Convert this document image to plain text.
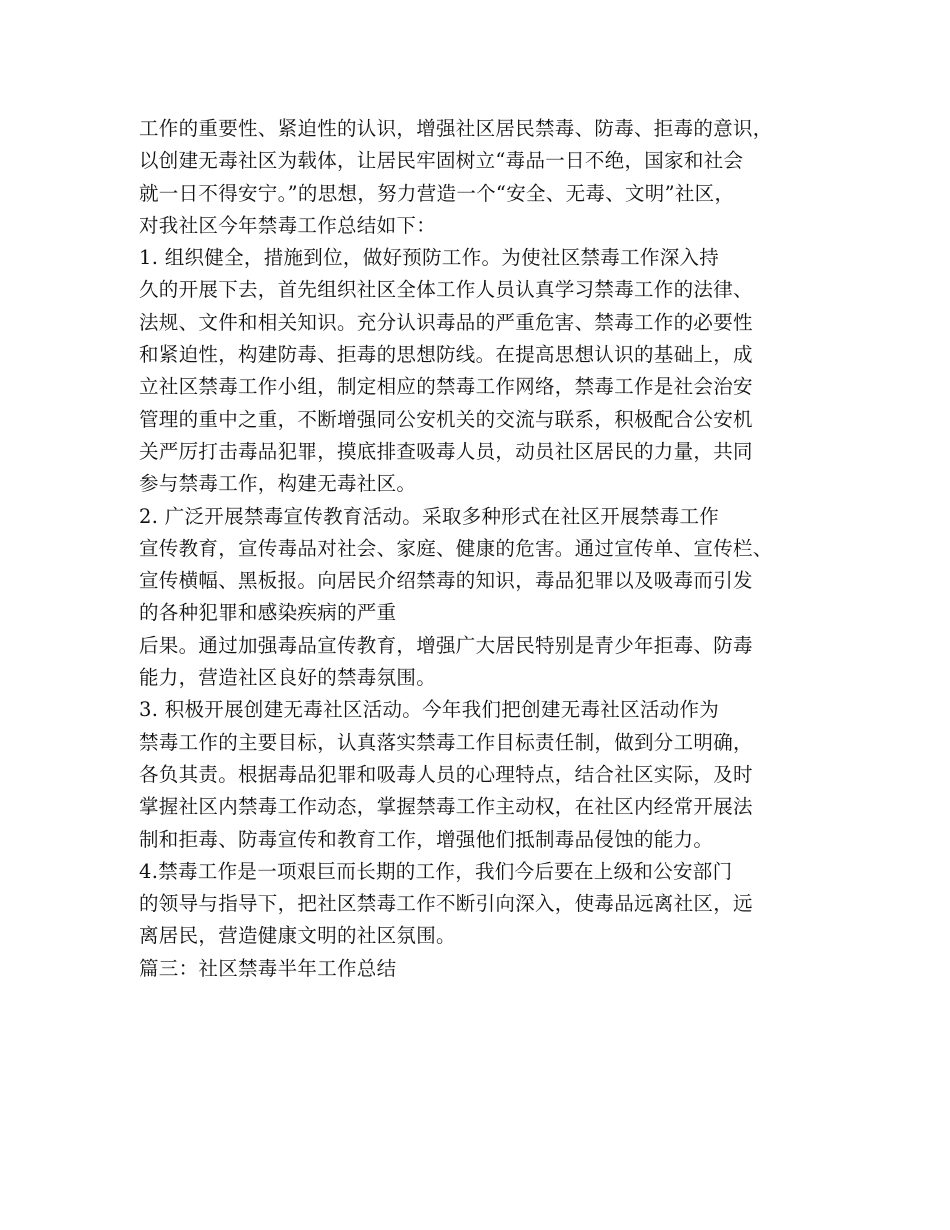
工作的重要性、紧迫性的认识，增强社区居民禁毒、防毒、拒毒的意识，
以创建无毒社区为载体，让居民牢固树立“毒品一日不绝，国家和社会
就一日不得安宁。”的思想，努力营造一个“安全、无毒、文明”社区，
对我社区今年禁毒工作总结如下：
1. 组织健全，措施到位，做好预防工作。为使社区禁毒工作深入持
久的开展下去，首先组织社区全体工作人员认真学习禁毒工作的法律、
法规、文件和相关知识。充分认识毒品的严重危害、禁毒工作的必要性
和紧迫性，构建防毒、拒毒的思想防线。在提高思想认识的基础上，成
立社区禁毒工作小组，制定相应的禁毒工作网络，禁毒工作是社会治安
管理的重中之重，不断增强同公安机关的交流与联系，积极配合公安机
关严厉打击毒品犯罪，摸底排查吸毒人员，动员社区居民的力量，共同
参与禁毒工作，构建无毒社区。
2. 广泛开展禁毒宣传教育活动。采取多种形式在社区开展禁毒工作
宣传教育，宣传毒品对社会、家庭、健康的危害。通过宣传单、宣传栏、
宣传横幅、黑板报。向居民介绍禁毒的知识，毒品犯罪以及吸毒而引发
的各种犯罪和感染疾病的严重
后果。通过加强毒品宣传教育，增强广大居民特别是青少年拒毒、防毒
能力，营造社区良好的禁毒氛围。
3. 积极开展创建无毒社区活动。今年我们把创建无毒社区活动作为
禁毒工作的主要目标，认真落实禁毒工作目标责任制，做到分工明确，
各负其责。根据毒品犯罪和吸毒人员的心理特点，结合社区实际，及时
掌握社区内禁毒工作动态，掌握禁毒工作主动权，在社区内经常开展法
制和拒毒、防毒宣传和教育工作，增强他们抵制毒品侵蚀的能力。
4.禁毒工作是一项艰巨而长期的工作，我们今后要在上级和公安部门
的领导与指导下，把社区禁毒工作不断引向深入，使毒品远离社区，远
离居民，营造健康文明的社区氛围。
篇三：社区禁毒半年工作总结
